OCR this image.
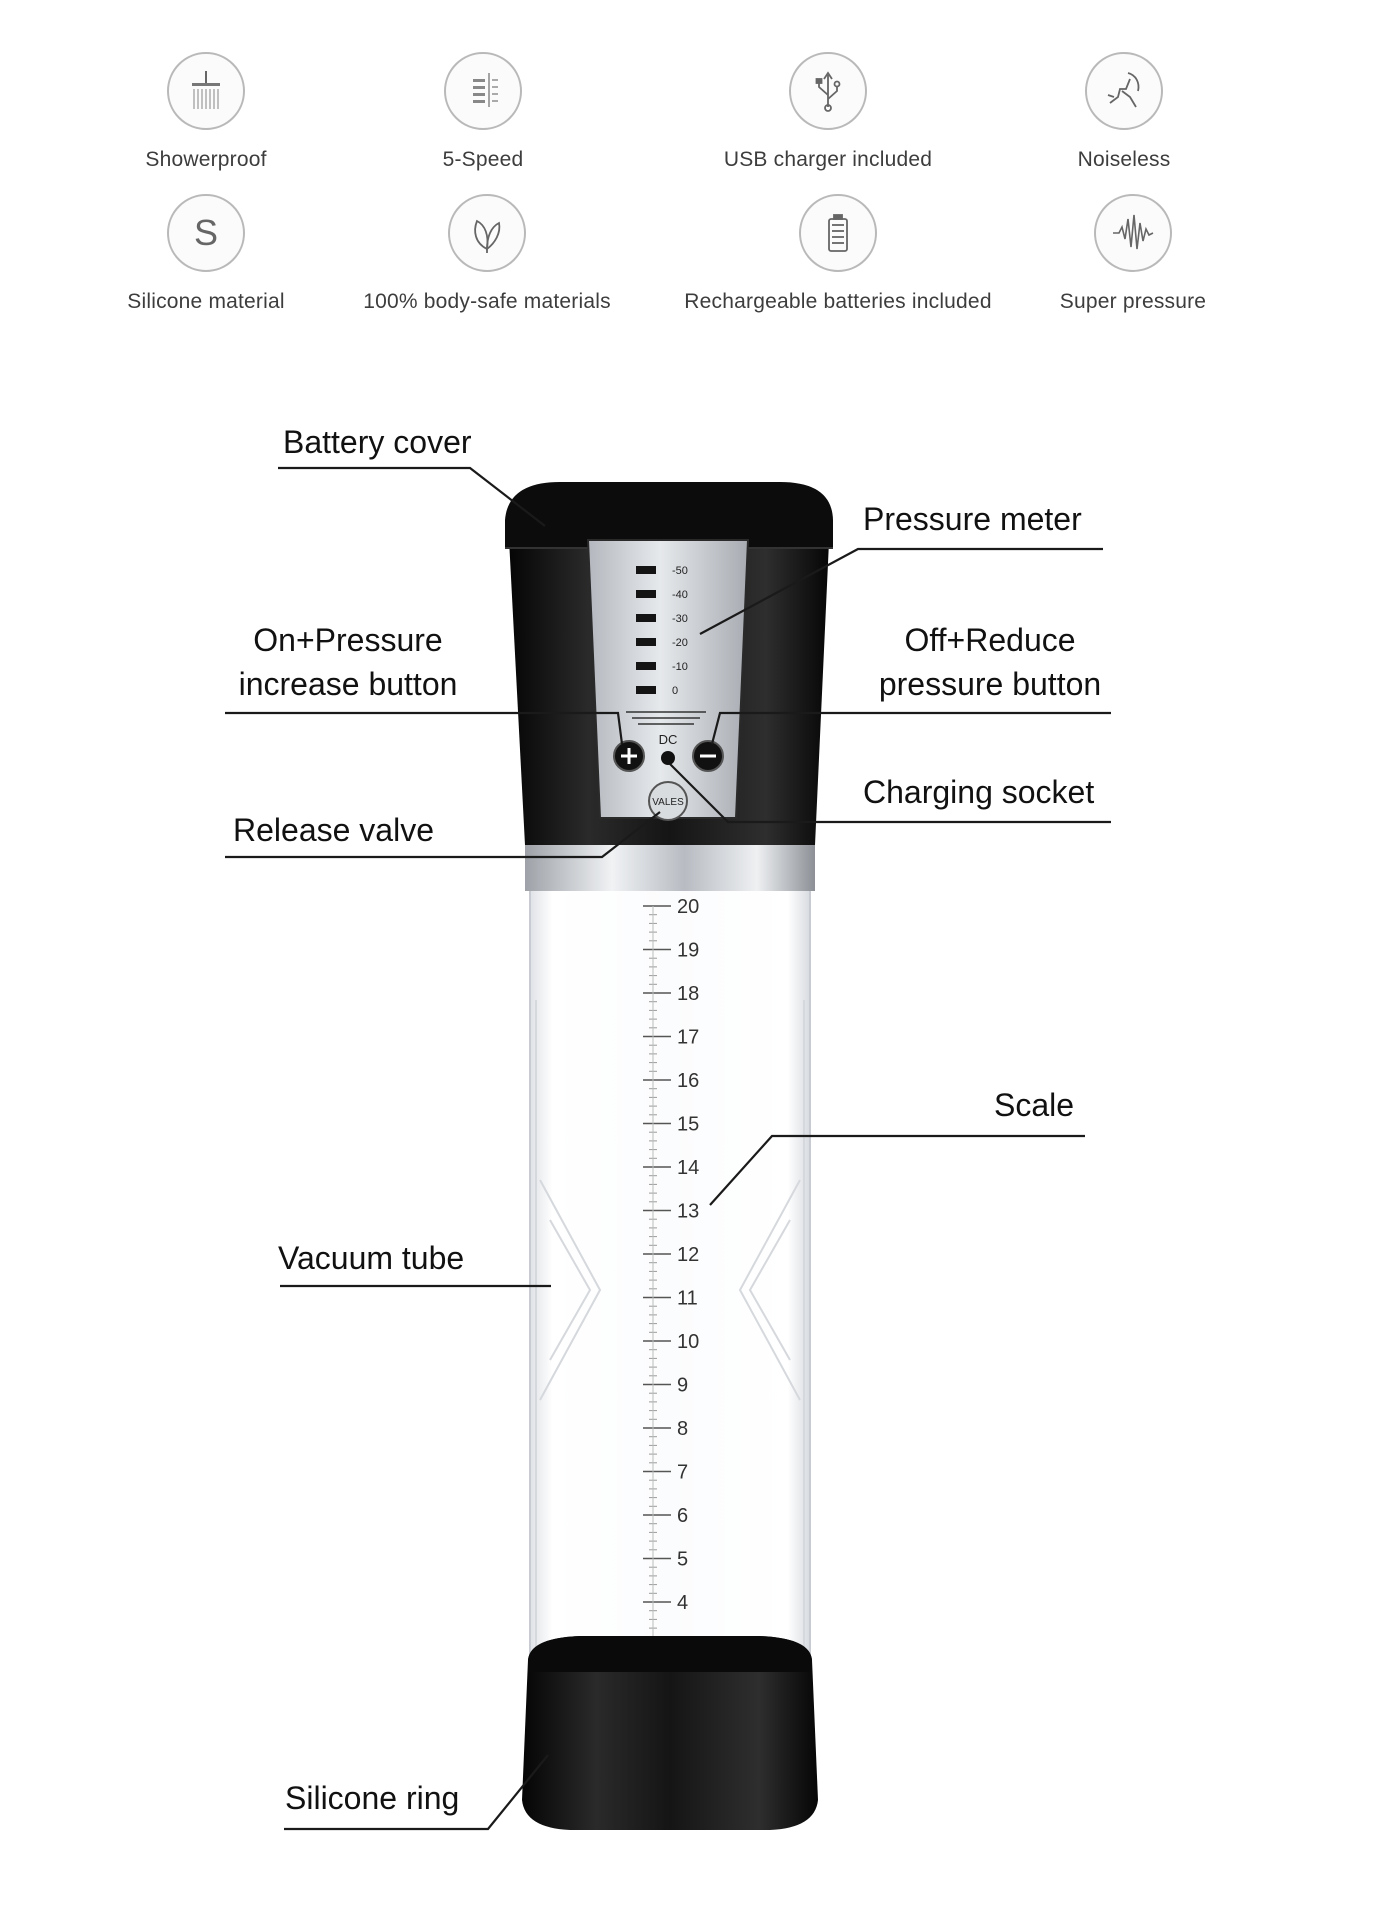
Showerproof	5-Speed	USB charger included	Noiseless
S
Silicone material	100% body-safe materials	Rechargeable batteries included	Super pressure
20
19
18
17
16
15
14
13
12
11
10
9
8
7
6
5
4
-50
-40
-30
-20
-10
0
DC
VALES
Battery cover
Pressure meter
On+Pressure
increase button
Off+Reduce
pressure button
Charging socket
Release valve
Scale
Vacuum tube
Silicone ring
